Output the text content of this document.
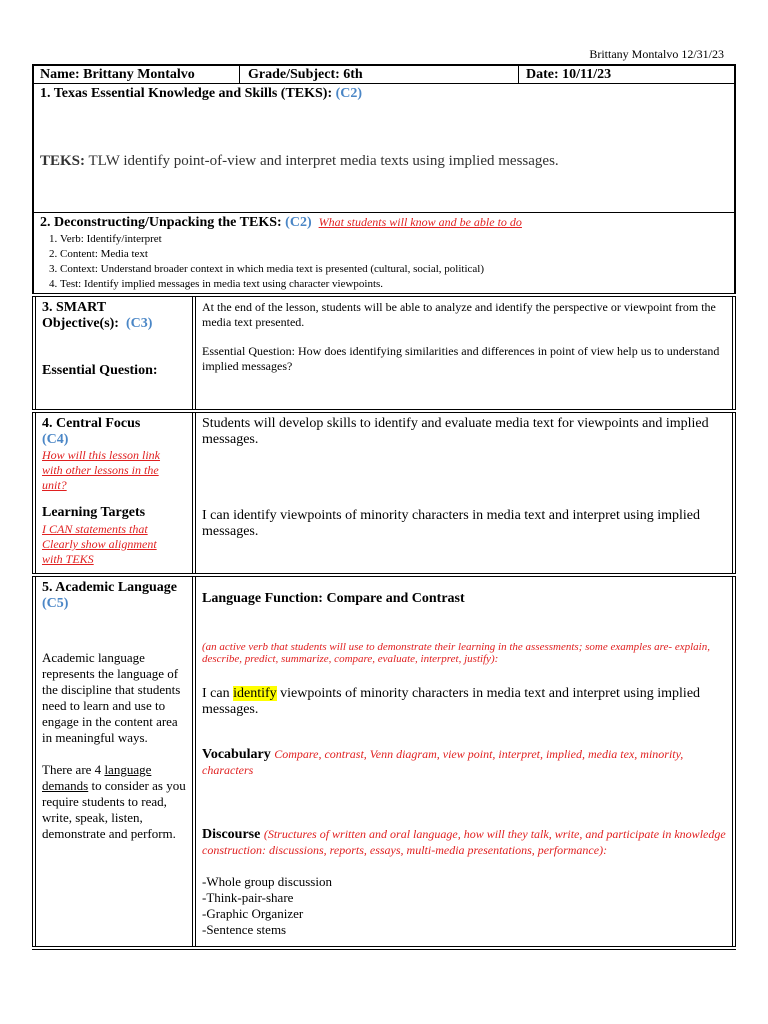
Brittany Montalvo 12/31/23
Name: Brittany Montalvo	Grade/Subject: 6th	Date: 10/11/23
1. Texas Essential Knowledge and Skills (TEKS): (C2)
TEKS: TLW identify point-of-view and interpret media texts using implied messages.
2. Deconstructing/Unpacking the TEKS: (C2) What students will know and be able to do
1. Verb: Identify/interpret
2. Content: Media text
3. Context: Understand broader context in which media text is presented (cultural, social, political)
4. Test: Identify implied messages in media text using character viewpoints.
3. SMART Objective(s): (C3)
Essential Question:
At the end of the lesson, students will be able to analyze and identify the perspective or viewpoint from the media text presented.
Essential Question: How does identifying similarities and differences in point of view help us to understand implied messages?
4. Central Focus
(C4)
How will this lesson link with other lessons in the unit?
Learning Targets
I CAN statements that Clearly show alignment with TEKS
Students will develop skills to identify and evaluate media text for viewpoints and implied messages.
I can identify viewpoints of minority characters in media text and interpret using implied messages.
5. Academic Language
(C5)
Academic language represents the language of the discipline that students need to learn and use to engage in the content area in meaningful ways.
There are 4 language demands to consider as you require students to read, write, speak, listen, demonstrate and perform.
Language Function: Compare and Contrast
(an active verb that students will use to demonstrate their learning in the assessments; some examples are- explain, describe, predict, summarize, compare, evaluate, interpret, justify):
I can identify viewpoints of minority characters in media text and interpret using implied messages.
Vocabulary Compare, contrast, Venn diagram, view point, interpret, implied, media tex, minority, characters
Discourse (Structures of written and oral language, how will they talk, write, and participate in knowledge construction: discussions, reports, essays, multi-media presentations, performance):
-Whole group discussion
-Think-pair-share
-Graphic Organizer
-Sentence stems
